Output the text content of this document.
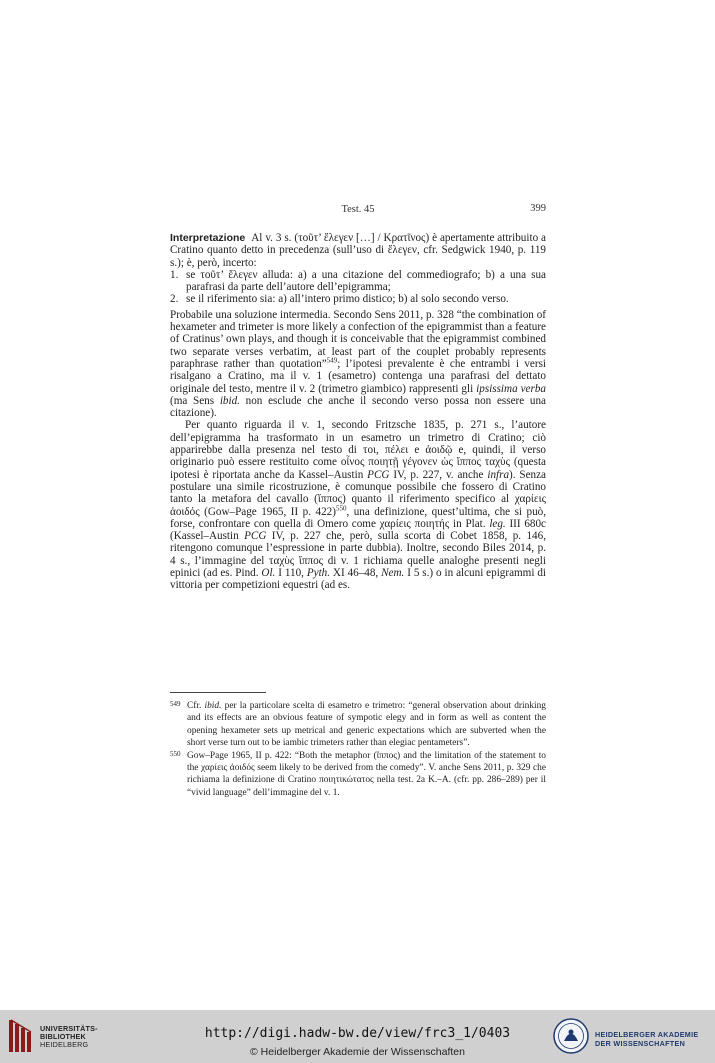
Test. 45	399

Interpretazione Al v. 3 s. (τοῦτ’ ἔλεγεν […] / Κρατῖνος) è apertamente attribuito a Cratino quanto detto in precedenza (sull’uso di ἔλεγεν, cfr. Sedgwick 1940, p. 119 s.); è, però, incerto:

1. se τοῦτ’ ἔλεγεν alluda: a) a una citazione del commediografo; b) a una sua parafrasi da parte dell’autore dell’epigramma;
2. se il riferimento sia: a) all’intero primo distico; b) al solo secondo verso.

Probabile una soluzione intermedia. Secondo Sens 2011, p. 328 “the combination of hexameter and trimeter is more likely a confection of the epigrammist than a feature of Cratinus’ own plays, and though it is conceivable that the epigrammist combined two separate verses verbatim, at least part of the couplet probably represents paraphrase rather than quotation”$^{549}$; l’ipotesi prevalente è che entrambi i versi risalgano a Cratino, ma il v. 1 (esametro) contenga una parafrasi del dettato originale del testo, mentre il v. 2 (trimetro giambico) rappresenti gli ipsissima verba (ma Sens ibid. non esclude che anche il secondo verso possa non essere una citazione).

Per quanto riguarda il v. 1, secondo Fritzsche 1835, p. 271 s., l’autore dell’epigramma ha trasformato in un esametro un trimetro di Cratino; ciò apparirebbe dalla presenza nel testo di τοι, πέλει e ἀοιδῷ e, quindi, il verso originario può essere restituito come οἶνος ποιητῇ γέγονεν ὡς ἵππος ταχὺς (questa ipotesi è riportata anche da Kassel–Austin PCG IV, p. 227, v. anche infra). Senza postulare una simile ricostruzione, è comunque possibile che fossero di Cratino tanto la metafora del cavallo (ἵππος) quanto il riferimento specifico al χαρίεις ἀοιδός (Gow–Page 1965, II p. 422)$^{550}$, una definizione, quest’ultima, che si può, forse, confrontare con quella di Omero come χαρίεις ποιητής in Plat. leg. III 680c (Kassel–Austin PCG IV, p. 227 che, però, sulla scorta di Cobet 1858, p. 146, ritengono comunque l’espressione in parte dubbia). Inoltre, secondo Biles 2014, p. 4 s., l’immagine del ταχὺς ἵππος di v. 1 richiama quelle analoghe presenti negli epinici (ad es. Pind. Ol. I 110, Pyth. XI 46–48, Nem. I 5 s.) o in alcuni epigrammi di vittoria per competizioni equestri (ad es.

549 Cfr. ibid. per la particolare scelta di esametro e trimetro: “general observation about drinking and its effects are an obvious feature of sympotic elegy and in form as well as content the opening hexameter sets up metrical and generic expectations which are subverted when the short verse turn out to be iambic trimeters rather than elegiac pentameters”.
550 Gow–Page 1965, II p. 422: “Both the metaphor (ἵππος) and the limitation of the statement to the χαρίεις ἀοιδός seem likely to be derived from the comedy”. V. anche Sens 2011, p. 329 che richiama la definizione di Cratino ποιητικώτατος nella test. 2a K.–A. (cfr. pp. 286–289) per il “vivid language” dell’immagine del v. 1.
UNIVERSITÄTS-
BIBLIOTHEK
HEIDELBERG
http://digi.hadw-bw.de/view/frc3_1/0403
© Heidelberger Akademie der Wissenschaften
HEIDELBERGER AKADEMIE
DER WISSENSCHAFTEN
